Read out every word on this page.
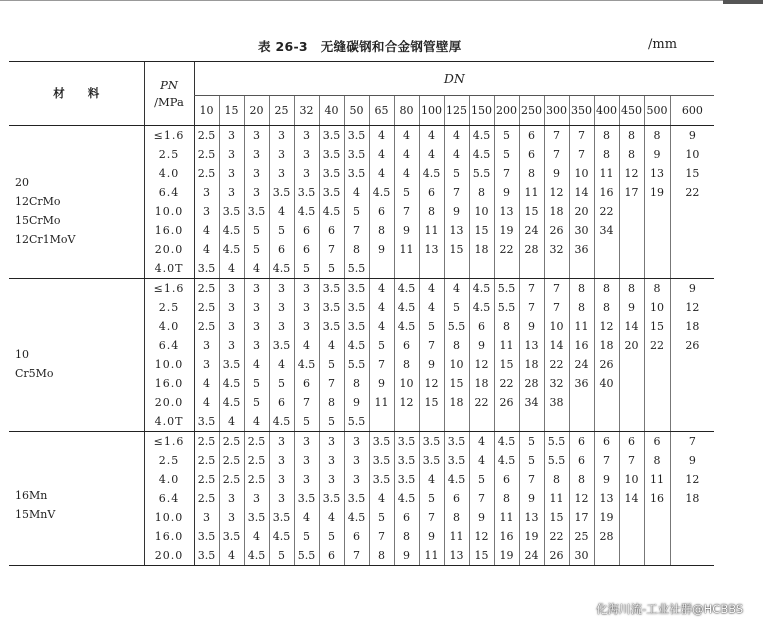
表 26-3　无缝碳钢和合金钢管壁厚	/mm
材　　料	PN
/MPa	DN																			
		10	15	20	25	32	40	50	65	80	100	125	150	200	250	300	350	400	450	500	600

20
12CrMo
15CrMo
12Cr1MoV	≤1.6	2.5	3	3	3	3	3.5	3.5	4	4	4	4	4.5	5	6	7	7	8	8	8	9
	2.5	2.5	3	3	3	3	3.5	3.5	4	4	4	4	4.5	5	6	7	7	8	8	9	10
	4.0	2.5	3	3	3	3	3.5	3.5	4	4	4.5	5	5.5	7	8	9	10	11	12	13	15
	6.4	3	3	3	3.5	3.5	3.5	4	4.5	5	6	7	8	9	11	12	14	16	17	19	22
	10.0	3	3.5	3.5	4	4.5	4.5	5	6	7	8	9	10	13	15	18	20	22			
	16.0	4	4.5	5	5	6	6	7	8	9	11	13	15	19	24	26	30	34			
	20.0	4	4.5	5	6	6	7	8	9	11	13	15	18	22	28	32	36				
	4.0T	3.5	4	4	4.5	5	5	5.5													

10
Cr5Mo	≤1.6	2.5	3	3	3	3	3.5	3.5	4	4.5	4	4	4.5	5.5	7	7	8	8	8	8	9
	2.5	2.5	3	3	3	3	3.5	3.5	4	4.5	4	5	4.5	5.5	7	7	8	8	9	10	12
	4.0	2.5	3	3	3	3	3.5	3.5	4	4.5	5	5.5	6	8	9	10	11	12	14	15	18
	6.4	3	3	3	3.5	4	4	4.5	5	6	7	8	9	11	13	14	16	18	20	22	26
	10.0	3	3.5	4	4	4.5	5	5.5	7	8	9	10	12	15	18	22	24	26			
	16.0	4	4.5	5	5	6	7	8	9	10	12	15	18	22	28	32	36	40			
	20.0	4	4.5	5	6	7	8	9	11	12	15	18	22	26	34	38					
	4.0T	3.5	4	4	4.5	5	5	5.5													

16Mn
15MnV	≤1.6	2.5	2.5	2.5	3	3	3	3	3.5	3.5	3.5	3.5	4	4.5	5	5.5	6	6	6	6	7
	2.5	2.5	2.5	2.5	3	3	3	3	3.5	3.5	3.5	3.5	4	4.5	5	5.5	6	7	7	8	9
	4.0	2.5	2.5	2.5	3	3	3	3	3.5	3.5	4	4.5	5	6	7	8	8	9	10	11	12
	6.4	2.5	3	3	3	3.5	3.5	3.5	4	4.5	5	6	7	8	9	11	12	13	14	16	18
	10.0	3	3	3.5	3.5	4	4	4.5	5	6	7	8	9	11	13	15	17	19			
	16.0	3.5	3.5	4	4.5	5	5	6	7	8	9	11	12	16	19	22	25	28			
	20.0	3.5	4	4.5	5	5.5	6	7	8	9	11	13	15	19	24	26	30				
化海川流-工业社群@HCBBS
